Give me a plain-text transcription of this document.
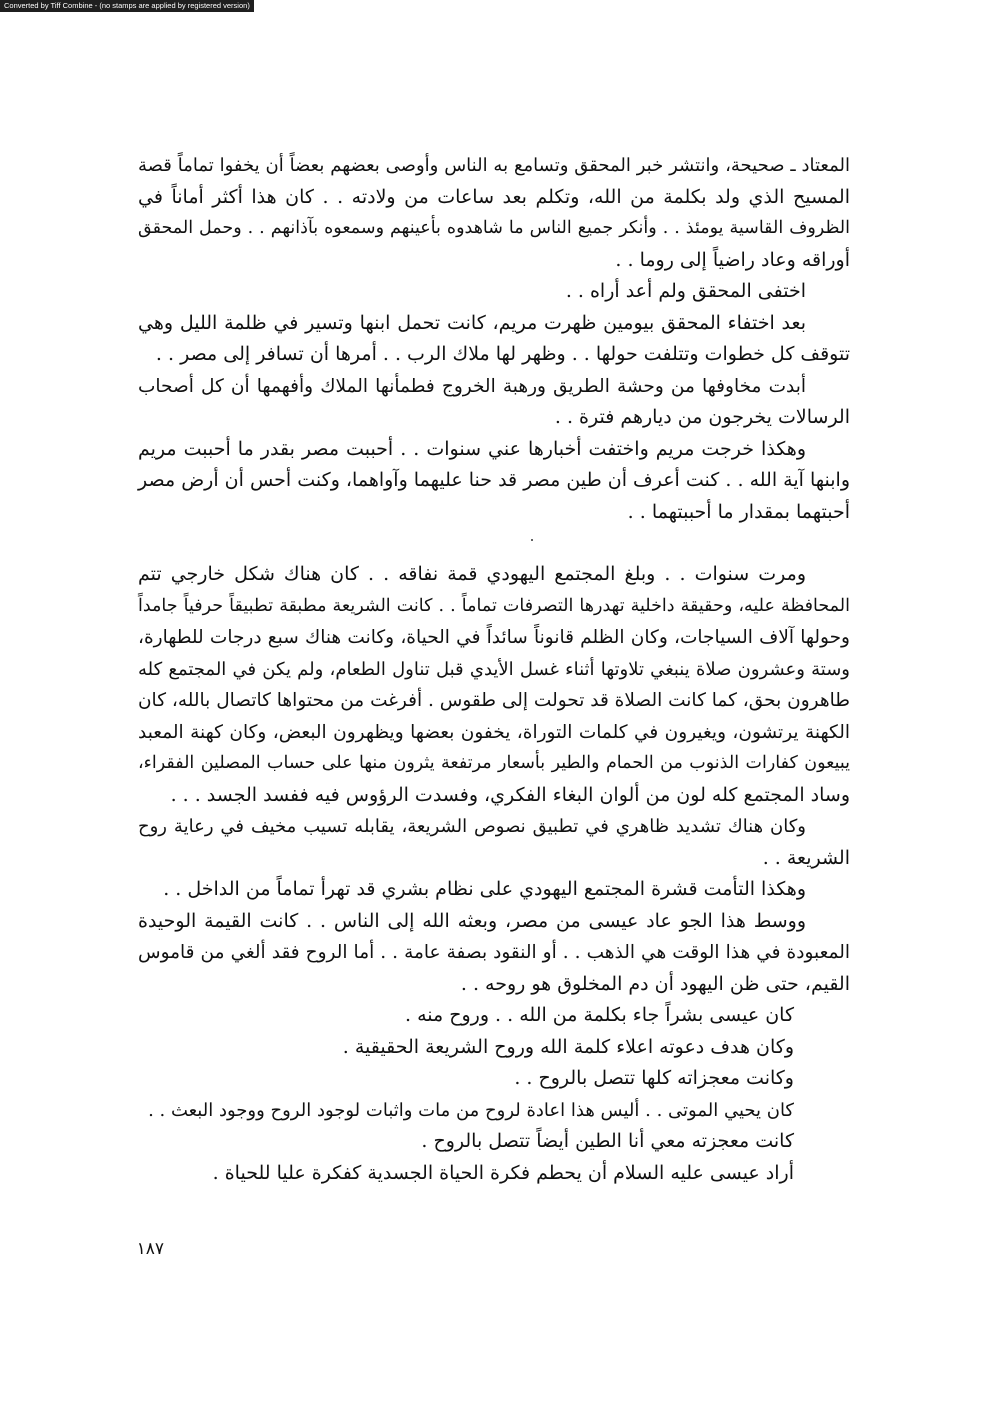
Converted by Tiff Combine - (no stamps are applied by registered version)
المعتاد ـ صحيحة، وانتشر خبر المحقق وتسامع به الناس وأوصى بعضهم بعضاً أن يخفوا تماماً قصة
المسيح الذي ولد بكلمة من الله، وتكلم بعد ساعات من ولادته . . كان هذا أكثر أماناً في
الظروف القاسية يومئذ . . وأنكر جميع الناس ما شاهدوه بأعينهم وسمعوه بآذانهم . . وحمل المحقق
أوراقه وعاد راضياً إلى روما . .
اختفى المحقق ولم أعد أراه . .
بعد اختفاء المحقق بيومين ظهرت مريم، كانت تحمل ابنها وتسير في ظلمة الليل وهي
تتوقف كل خطوات وتتلفت حولها . . وظهر لها ملاك الرب . . أمرها أن تسافر إلى مصر . .
أبدت مخاوفها من وحشة الطريق ورهبة الخروج فطمأنها الملاك وأفهمها أن كل أصحاب
الرسالات يخرجون من ديارهم فترة . .
وهكذا خرجت مريم واختفت أخبارها عني سنوات . . أحببت مصر بقدر ما أحببت مريم
وابنها آية الله . . كنت أعرف أن طين مصر قد حنا عليهما وآواهما، وكنت أحس أن أرض مصر
أحبتهما بمقدار ما أحببتهما . .
ومرت سنوات . . وبلغ المجتمع اليهودي قمة نفاقه . . كان هناك شكل خارجي تتم
المحافظة عليه، وحقيقة داخلية تهدرها التصرفات تماماً . . كانت الشريعة مطبقة تطبيقاً حرفياً جامداً
وحولها آلاف السياجات، وكان الظلم قانوناً سائداً في الحياة، وكانت هناك سبع درجات للطهارة،
وستة وعشرون صلاة ينبغي تلاوتها أثناء غسل الأيدي قبل تناول الطعام، ولم يكن في المجتمع كله
طاهرون بحق، كما كانت الصلاة قد تحولت إلى طقوس . أفرغت من محتواها كاتصال بالله، كان
الكهنة يرتشون، ويغيرون في كلمات التوراة، يخفون بعضها ويظهرون البعض، وكان كهنة المعبد
يبيعون كفارات الذنوب من الحمام والطير بأسعار مرتفعة يثرون منها على حساب المصلين الفقراء،
وساد المجتمع كله لون من ألوان البغاء الفكري، وفسدت الرؤوس فيه ففسد الجسد . . .
وكان هناك تشديد ظاهري في تطبيق نصوص الشريعة، يقابله تسيب مخيف في رعاية روح
الشريعة . .
وهكذا التأمت قشرة المجتمع اليهودي على نظام بشري قد تهرأ تماماً من الداخل . .
ووسط هذا الجو عاد عيسى من مصر، وبعثه الله إلى الناس . . كانت القيمة الوحيدة
المعبودة في هذا الوقت هي الذهب . . أو النقود بصفة عامة . . أما الروح فقد ألغي من قاموس
القيم، حتى ظن اليهود أن دم المخلوق هو روحه . .
كان عيسى بشراً جاء بكلمة من الله . . وروح منه .
وكان هدف دعوته اعلاء كلمة الله وروح الشريعة الحقيقية .
وكانت معجزاته كلها تتصل بالروح . .
كان يحيي الموتى . . أليس هذا اعادة لروح من مات واثبات لوجود الروح ووجود البعث . .
كانت معجزته معي أنا الطين أيضاً تتصل بالروح .
أراد عيسى عليه السلام أن يحطم فكرة الحياة الجسدية كفكرة عليا للحياة .
١٨٧
